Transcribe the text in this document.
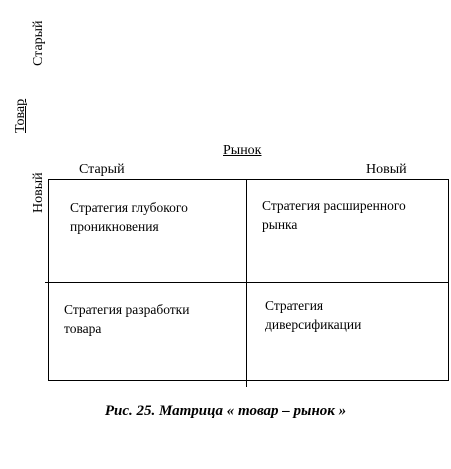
Товар
Старый
Новый
Рынок
Старый	Новый
Стратегия глубокого
проникновения
Стратегия расширенного
рынка
Стратегия разработки
товара
Стратегия
диверсификации
Рис. 25. Матрица « товар – рынок »
